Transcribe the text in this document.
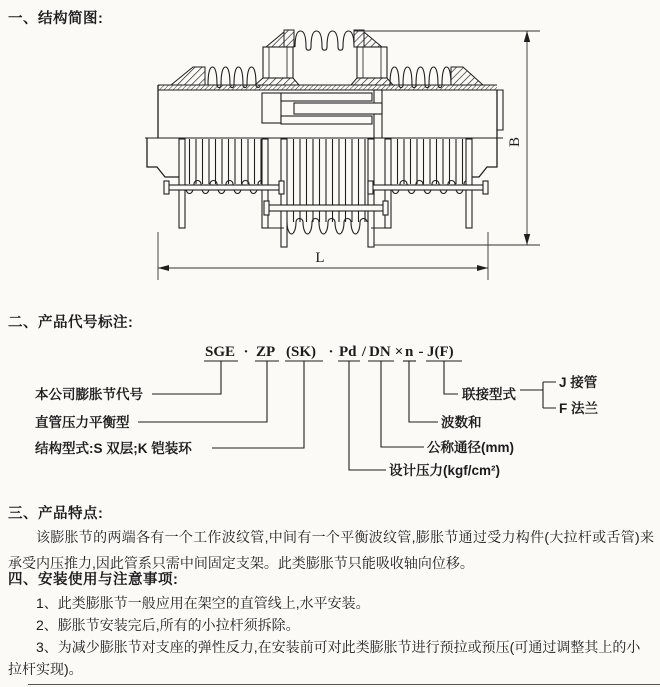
一、结构简图:
B
L
二、产品代号标注:
SGE · ZP (SK) · Pd / DN × n - J(F)
本公司膨胀节代号
直管压力平衡型
结构型式:S 双层;K 铠装环
联接型式
J 接管
F 法兰
波数和
公称通径(mm)
设计压力(kgf/cm²)
三、产品特点:

该膨胀节的两端各有一个工作波纹管,中间有一个平衡波纹管,膨胀节通过受力构件(大拉杆或舌管)来承受内压推力,因此管系只需中间固定支架。此类膨胀节只能吸收轴向位移。

四、安装使用与注意事项:

1、此类膨胀节一般应用在架空的直管线上,水平安装。

2、膨胀节安装完后,所有的小拉杆须拆除。

3、为减少膨胀节对支座的弹性反力,在安装前可对此类膨胀节进行预拉或预压(可通过调整其上的小拉杆实现)。
